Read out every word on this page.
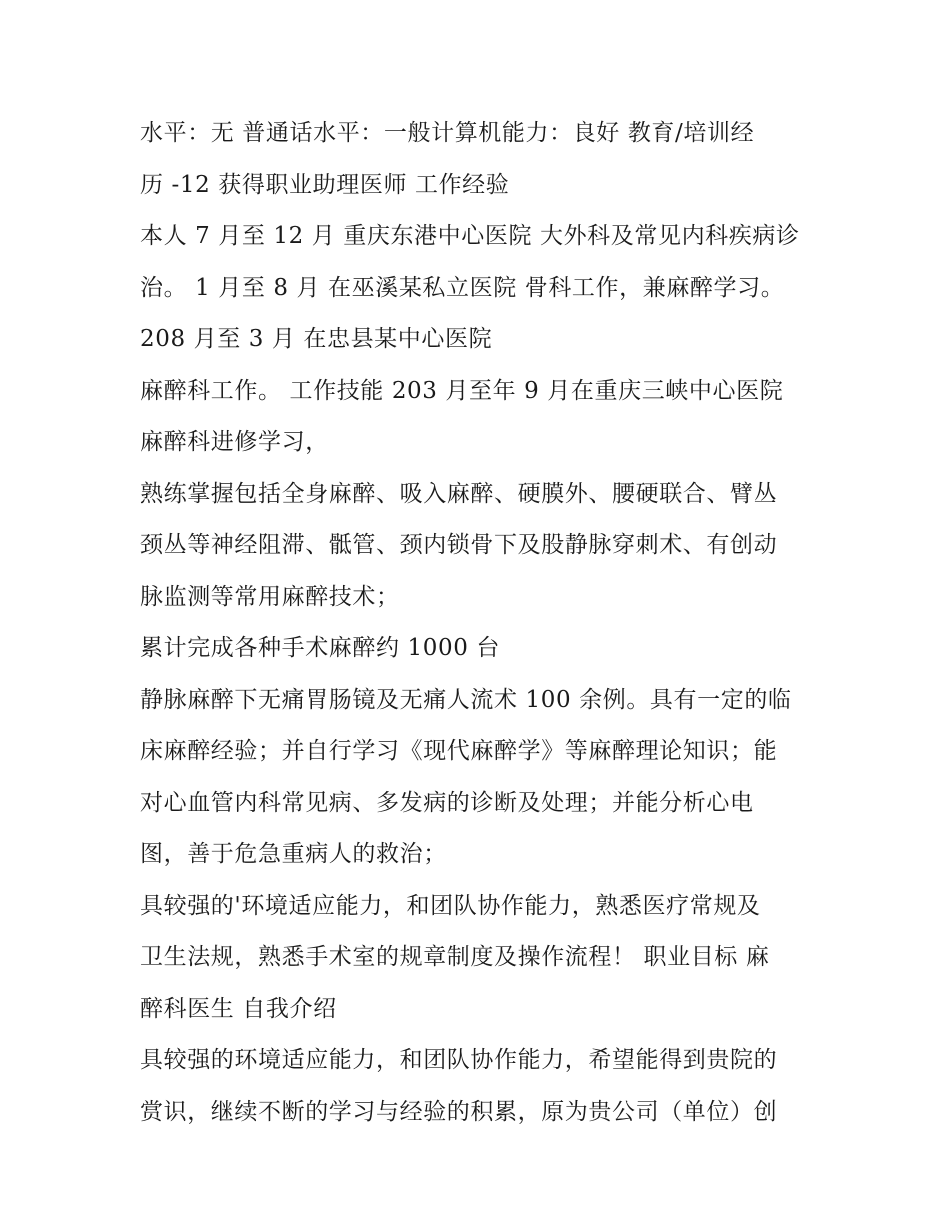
水平：无 普通话水平：一般计算机能力：良好 教育/培训经
历 -12 获得职业助理医师 工作经验
本人 7 月至 12 月 重庆东港中心医院 大外科及常见内科疾病诊
治。 1 月至 8 月 在巫溪某私立医院 骨科工作，兼麻醉学习。
208 月至 3 月 在忠县某中心医院
麻醉科工作。 工作技能 203 月至年 9 月在重庆三峡中心医院
麻醉科进修学习，
熟练掌握包括全身麻醉、吸入麻醉、硬膜外、腰硬联合、臂丛
颈丛等神经阻滞、骶管、颈内锁骨下及股静脉穿刺术、有创动
脉监测等常用麻醉技术；
累计完成各种手术麻醉约 1000 台
静脉麻醉下无痛胃肠镜及无痛人流术 100 余例。具有一定的临
床麻醉经验；并自行学习《现代麻醉学》等麻醉理论知识；能
对心血管内科常见病、多发病的诊断及处理；并能分析心电
图，善于危急重病人的救治；
具较强的'环境适应能力，和团队协作能力，熟悉医疗常规及
卫生法规，熟悉手术室的规章制度及操作流程！ 职业目标 麻
醉科医生 自我介绍
具较强的环境适应能力，和团队协作能力，希望能得到贵院的
赏识，继续不断的学习与经验的积累，原为贵公司（单位）创
